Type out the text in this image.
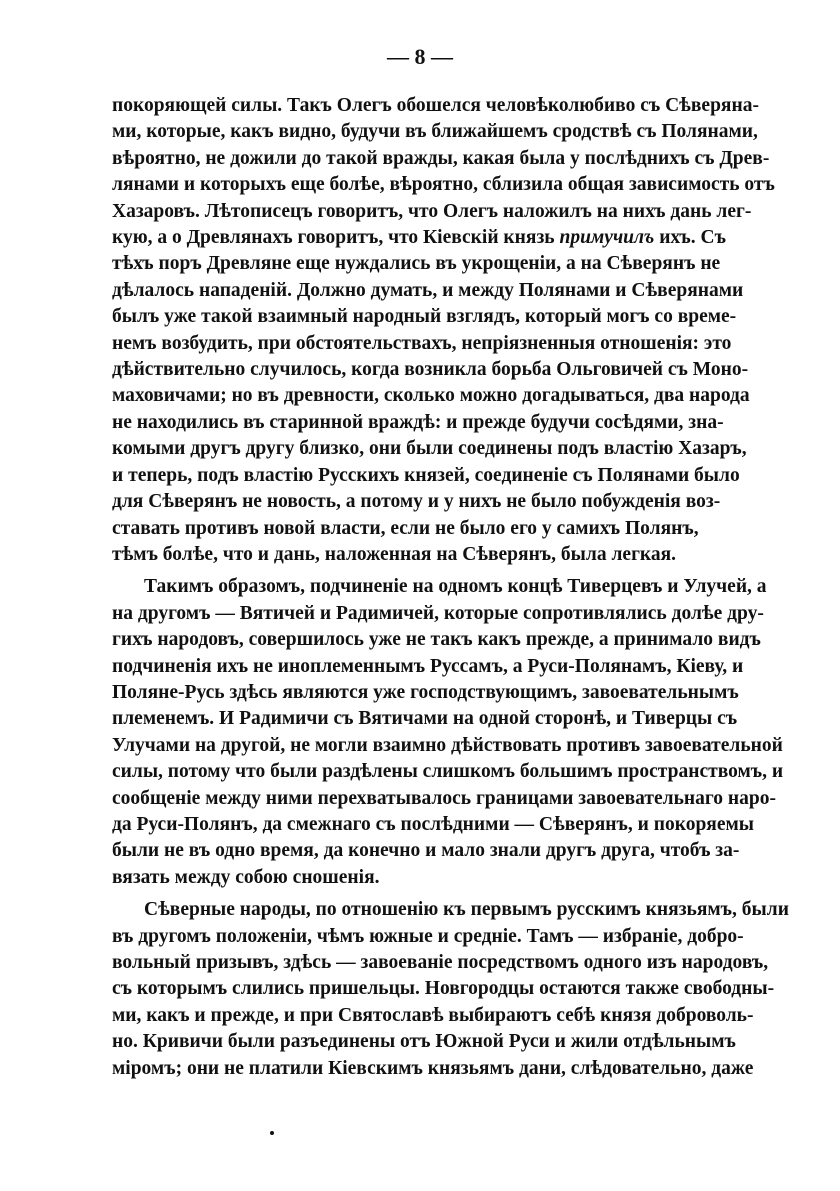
— 8 —
покоряющей силы. Такъ Олегъ обошелся человѣколюбиво съ Сѣверяна-
ми, которые, какъ видно, будучи въ ближайшемъ сродствѣ съ Полянами,
вѣроятно, не дожили до такой вражды, какая была у послѣднихъ съ Древ-
лянами и которыхъ еще болѣе, вѣроятно, сблизила общая зависимость отъ
Хазаровъ. Лѣтописецъ говоритъ, что Олегъ наложилъ на нихъ дань лег-
кую, а о Древлянахъ говоритъ, что Кіевскій князь примучилъ ихъ. Съ
тѣхъ поръ Древляне еще нуждались въ укрощеніи, а на Сѣверянъ не
дѣлалось нападеній. Должно думать, и между Полянами и Сѣверянами
былъ уже такой взаимный народный взглядъ, который могъ со време-
немъ возбудить, при обстоятельствахъ, непріязненныя отношенія: это
дѣйствительно случилось, когда возникла борьба Ольговичей съ Моно-
маховичами; но въ древности, сколько можно догадываться, два народа
не находились въ старинной враждѣ: и прежде будучи сосѣдями, зна-
комыми другъ другу близко, они были соединены подъ властію Хазаръ,
и теперь, подъ властію Русскихъ князей, соединеніе съ Полянами было
для Сѣверянъ не новость, а потому и у нихъ не было побужденія воз-
ставать противъ новой власти, если не было его у самихъ Полянъ,
тѣмъ болѣе, что и дань, наложенная на Сѣверянъ, была легкая.
Такимъ образомъ, подчиненіе на одномъ концѣ Тиверцевъ и Улучей, а
на другомъ — Вятичей и Радимичей, которые сопротивлялись долѣе дру-
гихъ народовъ, совершилось уже не такъ какъ прежде, а принимало видъ
подчиненія ихъ не иноплеменнымъ Руссамъ, а Руси-Полянамъ, Кіеву, и
Поляне-Русь здѣсь являются уже господствующимъ, завоевательнымъ
племенемъ. И Радимичи съ Вятичами на одной сторонѣ, и Тиверцы съ
Улучами на другой, не могли взаимно дѣйствовать противъ завоевательной
силы, потому что были раздѣлены слишкомъ большимъ пространствомъ, и
сообщеніе между ними перехватывалось границами завоевательнаго наро-
да Руси-Полянъ, да смежнаго съ послѣдними — Сѣверянъ, и покоряемы
были не въ одно время, да конечно и мало знали другъ друга, чтобъ за-
вязать между собою сношенія.
Сѣверные народы, по отношенію къ первымъ русскимъ князьямъ, были
въ другомъ положеніи, чѣмъ южные и средніе. Тамъ — избраніе, добро-
вольный призывъ, здѣсь — завоеваніе посредствомъ одного изъ народовъ,
съ которымъ слились пришельцы. Новгородцы остаются также свободны-
ми, какъ и прежде, и при Святославѣ выбираютъ себѣ князя доброволь-
но. Кривичи были разъединены отъ Южной Руси и жили отдѣльнымъ
міромъ; они не платили Кіевскимъ князьямъ дани, слѣдовательно, даже
